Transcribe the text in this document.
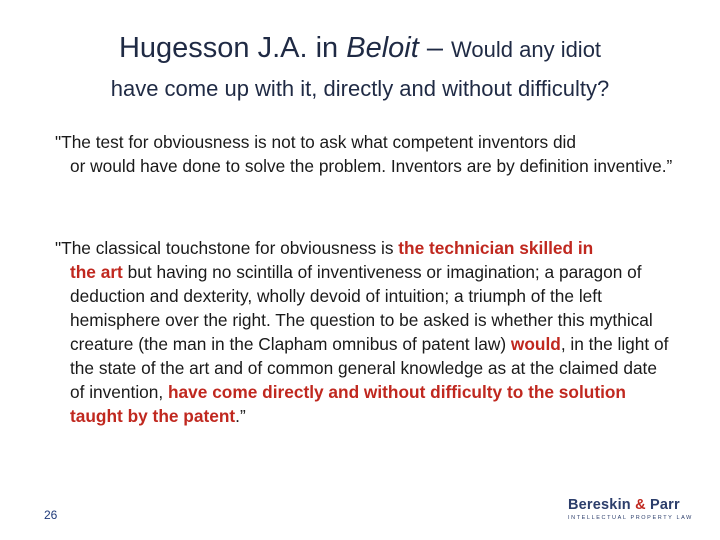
Hugesson J.A. in Beloit – Would any idiot
have come up with it, directly and without difficulty?
"The test for obviousness is not to ask what competent inventors did
or would have done to solve the problem. Inventors are by definition inventive.”
"The classical touchstone for obviousness is the technician skilled in
the art but having no scintilla of inventiveness or imagination; a paragon of deduction and dexterity, wholly devoid of intuition; a triumph of the left hemisphere over the right. The question to be asked is whether this mythical creature (the man in the Clapham omnibus of patent law) would, in the light of the state of the art and of common general knowledge as at the claimed date of invention, have come directly and without difficulty to the solution taught by the patent.”
26
Bereskin & Parr
INTELLECTUAL PROPERTY LAW
